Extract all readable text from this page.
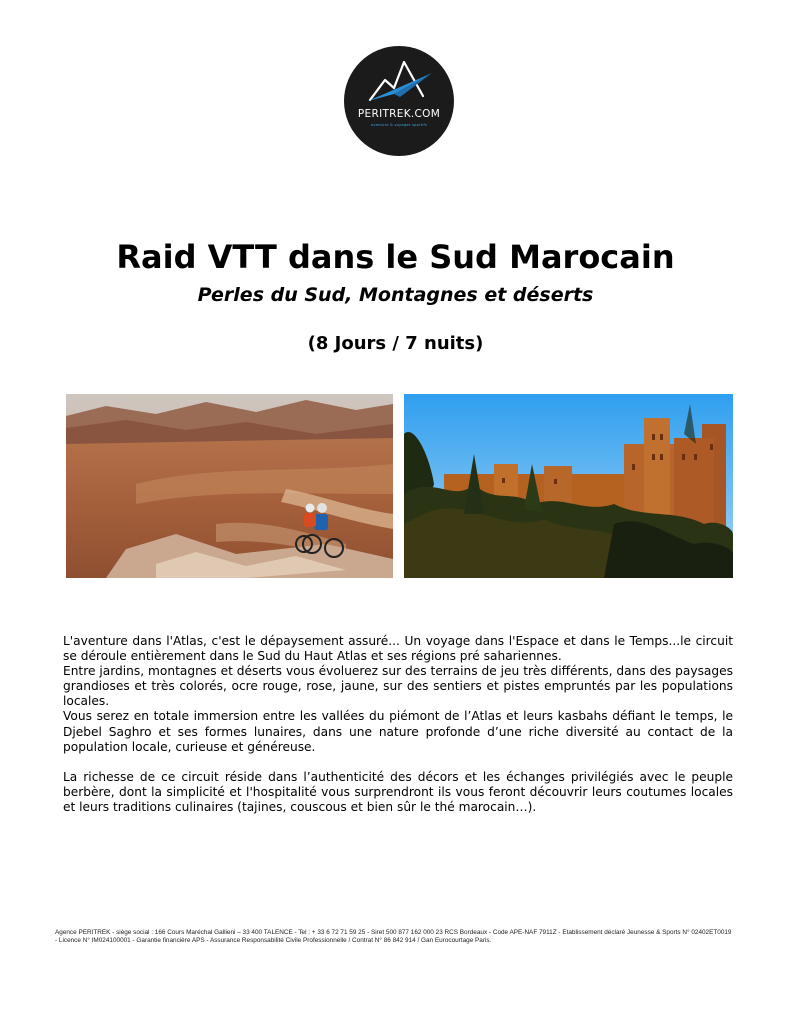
PERITREK.COM
aventure & voyages sportifs
Raid VTT dans le Sud Marocain
Perles du Sud, Montagnes et déserts
(8 Jours / 7 nuits)

L'aventure dans l'Atlas, c'est le dépaysement assuré... Un voyage dans l'Espace et dans le Temps...le circuit se déroule entièrement dans le Sud du Haut Atlas et ses régions pré sahariennes.

Entre jardins, montagnes et déserts vous évoluerez sur des terrains de jeu très différents, dans des paysages grandioses et très colorés, ocre rouge, rose, jaune, sur des sentiers et pistes empruntés par les populations locales.

Vous serez en totale immersion entre les vallées du piémont de l’Atlas et leurs kasbahs défiant le temps, le Djebel Saghro et ses formes lunaires, dans une nature profonde d’une riche diversité au contact de la population locale, curieuse et généreuse.

La richesse de ce circuit réside dans l’authenticité des décors et les échanges privilégiés avec le peuple berbère, dont la simplicité et l'hospitalité vous surprendront ils vous feront découvrir leurs coutumes locales et leurs traditions culinaires (tajines, couscous et bien sûr le thé marocain…).

Agence PERITREK - siège social : 166 Cours Maréchal Gallieni – 33 400 TALENCE - Tel : + 33 6 72 71 59 25 - Siret 500 877 162 000 23 RCS Bordeaux - Code APE-NAF 7911Z - Etablissement déclaré Jeunesse & Sports N° 02402ET0019

- Licence N° IM024100001 - Garantie financière APS - Assurance Responsabilité Civile Professionnelle / Contrat N° 86 842 914 / Gan Eurocourtage Paris.
